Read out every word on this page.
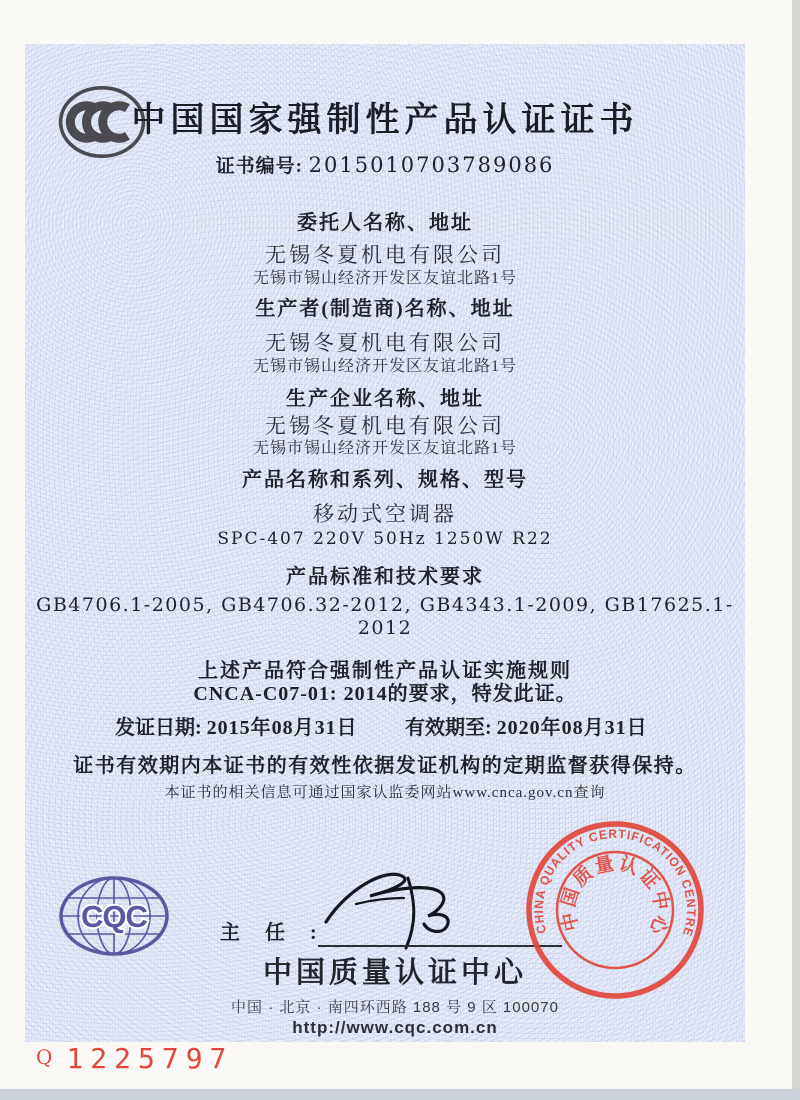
中国国家强制性产品认证证书
证书编号: 2015010703789086
委托人名称、地址
无锡冬夏机电有限公司
无锡市锡山经济开发区友谊北路1号
生产者(制造商)名称、地址
无锡冬夏机电有限公司
无锡市锡山经济开发区友谊北路1号
生产企业名称、地址
无锡冬夏机电有限公司
无锡市锡山经济开发区友谊北路1号
产品名称和系列、规格、型号
移动式空调器
SPC-407 220V 50Hz 1250W R22
产品标准和技术要求
GB4706.1-2005, GB4706.32-2012, GB4343.1-2009, GB17625.1-
2012
上述产品符合强制性产品认证实施规则
CNCA-C07-01: 2014的要求，特发此证。
发证日期: 2015年08月31日 有效期至: 2020年08月31日
证书有效期内本证书的有效性依据发证机构的定期监督获得保持。
本证书的相关信息可通过国家认监委网站www.cnca.gov.cn查询
CQC	主 任 :
中国质量认证中心
中国 · 北京 · 南四环西路 188 号 9 区 100070
http://www.cqc.com.cn
CHINA QUALITY CERTIFICATION CENTRE
中国质量认证中心
Q 1225797
